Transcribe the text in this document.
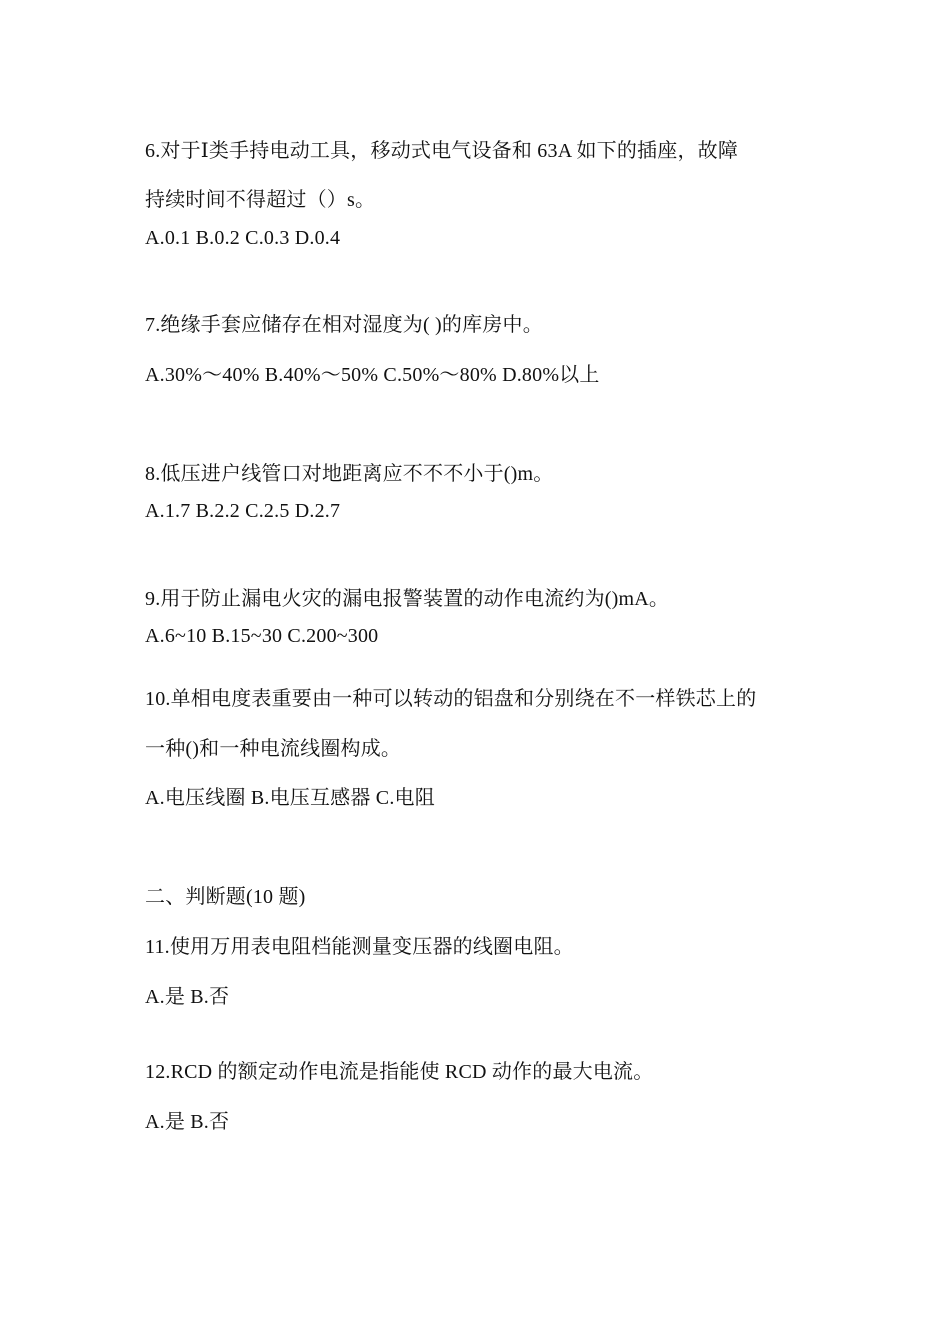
6.对于Ⅰ类手持电动工具，移动式电气设备和 63A 如下的插座，故障
持续时间不得超过（）s。
A.0.1 B.0.2 C.0.3 D.0.4
7.绝缘手套应储存在相对湿度为( )的库房中。
A.30%～40% B.40%～50% C.50%～80% D.80%以上
8.低压进户线管口对地距离应不不不小于()m。
A.1.7 B.2.2 C.2.5 D.2.7
9.用于防止漏电火灾的漏电报警装置的动作电流约为()mA。
A.6~10 B.15~30 C.200~300
10.单相电度表重要由一种可以转动的铝盘和分别绕在不一样铁芯上的
一种()和一种电流线圈构成。
A.电压线圈 B.电压互感器 C.电阻
二、判断题(10 题)
11.使用万用表电阻档能测量变压器的线圈电阻。
A.是 B.否
12.RCD 的额定动作电流是指能使 RCD 动作的最大电流。
A.是 B.否
